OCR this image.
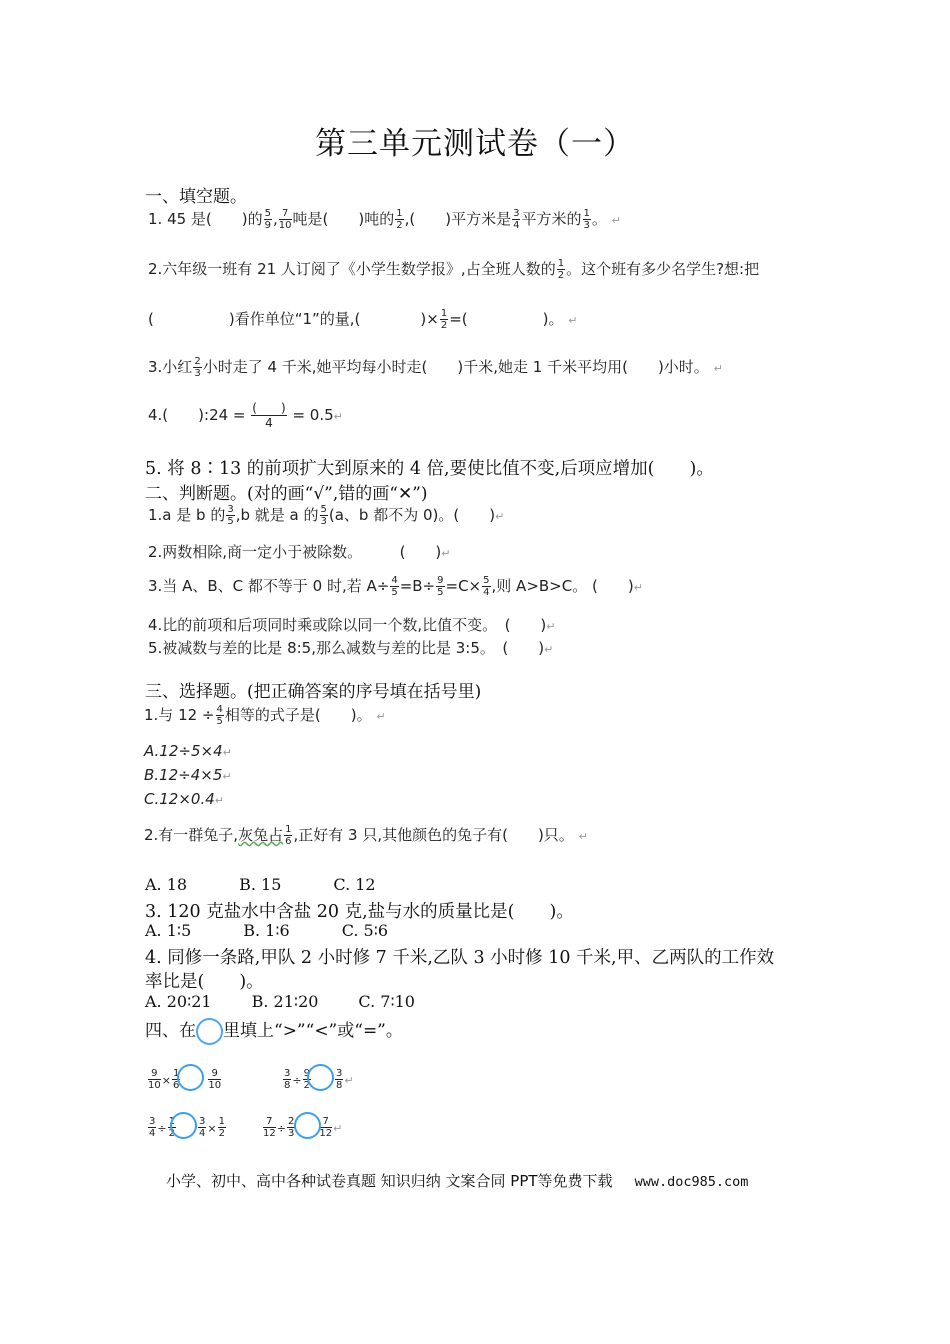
第三单元测试卷（一）
一、填空题。
1. 45 是(　　)的 $\frac{5}{9}$ , $\frac{7}{10}$ 吨是(　　)吨的 $\frac{1}{2}$ ,(　　)平方米是 $\frac{3}{4}$ 平方米的 $\frac{1}{3}$ 。 ↵
2.六年级一班有 21 人订阅了《小学生数学报》,占全班人数的 $\frac{1}{2}$ 。这个班有多少名学生?想:把
(　　　　　)看作单位“1”的量,(　　　　)× $\frac{1}{2}$ =(　　　　　)。 ↵
3.小红 $\frac{2}{3}$ 小时走了 4 千米,她平均每小时走(　　)千米,她走 1 千米平均用(　　)小时。 ↵
4.(　　):24 = (　　)
4	= 0.5↵
5. 将 8∶13 的前项扩大到原来的 4 倍,要使比值不变,后项应增加(　　)。
二、判断题。(对的画“√”,错的画“✕”)
1.a 是 b 的 $\frac{3}{5} ,b$ 就是 a 的 $\frac{5}{3} (a$、b 都不为 0)。(　　)↵
2.两数相除,商一定小于被除数。　　　(　　)↵
3.当 A、B、C 都不等于 0 时,若 $A\div \frac{4}{5} =B\div \frac{9}{5} =C\times \frac{5}{4}$ ,则 A>B>C。 (　　)↵
4.比的前项和后项同时乘或除以同一个数,比值不变。　(　　)↵
5.被减数与差的比是 8:5,那么减数与差的比是 3:5。　(　　)↵
三、选择题。(把正确答案的序号填在括号里)
1.与 $12 \div \frac{4}{5}$ 相等的式子是(　　)。 ↵
A.12÷5×4↵
B.12÷4×5↵
C.12×0.4↵
2.有一群兔子,灰兔占 $\frac{1}{6}$ ,正好有 3 只,其他颜色的兔子有(　　)只。 ↵
A. 18	B. 15	C. 12
3. 120 克盐水中含盐 20 克,盐与水的质量比是(　　)。
A. 1∶5	B. 1∶6	C. 5∶6
4. 同修一条路,甲队 2 小时修 7 千米,乙队 3 小时修 10 千米,甲、乙两队的工作效
率比是(　　)。
A. 20∶21	B. 21∶20	C. 7∶10
四、在 里填上“>”“<”或“=”。
$\frac{9}{10} \times \frac{1}{6}$	$\frac{9}{10}$	$\frac{3}{8} \div \frac{9}{2} \frac{3}{8}$ ↵
$\frac{3}{4} \div \frac{1}{2} \frac{3}{4} \times \frac{1}{2}$	$\frac{7}{12} \div \frac{2}{3} \frac{7}{12}$ ↵
小学、初中、高中各种试卷真题 知识归纳 文案合同 PPT等免费下载 www.doc985.com
